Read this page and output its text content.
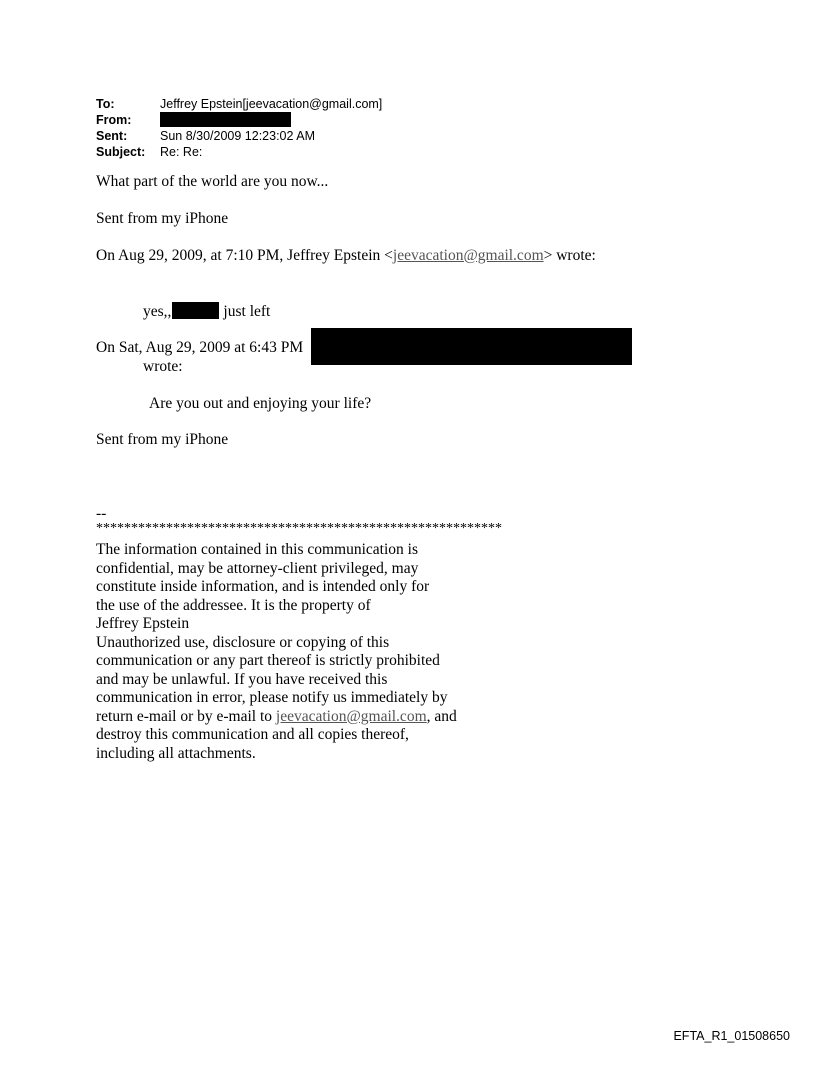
To:	Jeffrey Epstein[jeevacation@gmail.com]
From:
Sent:	Sun 8/30/2009 12:23:02 AM
Subject:	Re: Re:
What part of the world are you now...
Sent from my iPhone
On Aug 29, 2009, at 7:10 PM, Jeffrey Epstein <jeevacation@gmail.com> wrote:
yes,,	just left
On Sat, Aug 29, 2009 at 6:43 PM
wrote:
Are you out and enjoying your life?
Sent from my iPhone
--
**********************************************************
The information contained in this communication is
confidential, may be attorney-client privileged, may
constitute inside information, and is intended only for
the use of the addressee. It is the property of
Jeffrey Epstein
Unauthorized use, disclosure or copying of this
communication or any part thereof is strictly prohibited
and may be unlawful. If you have received this
communication in error, please notify us immediately by
return e-mail or by e-mail to jeevacation@gmail.com, and
destroy this communication and all copies thereof,
including all attachments.
EFTA_R1_01508650
